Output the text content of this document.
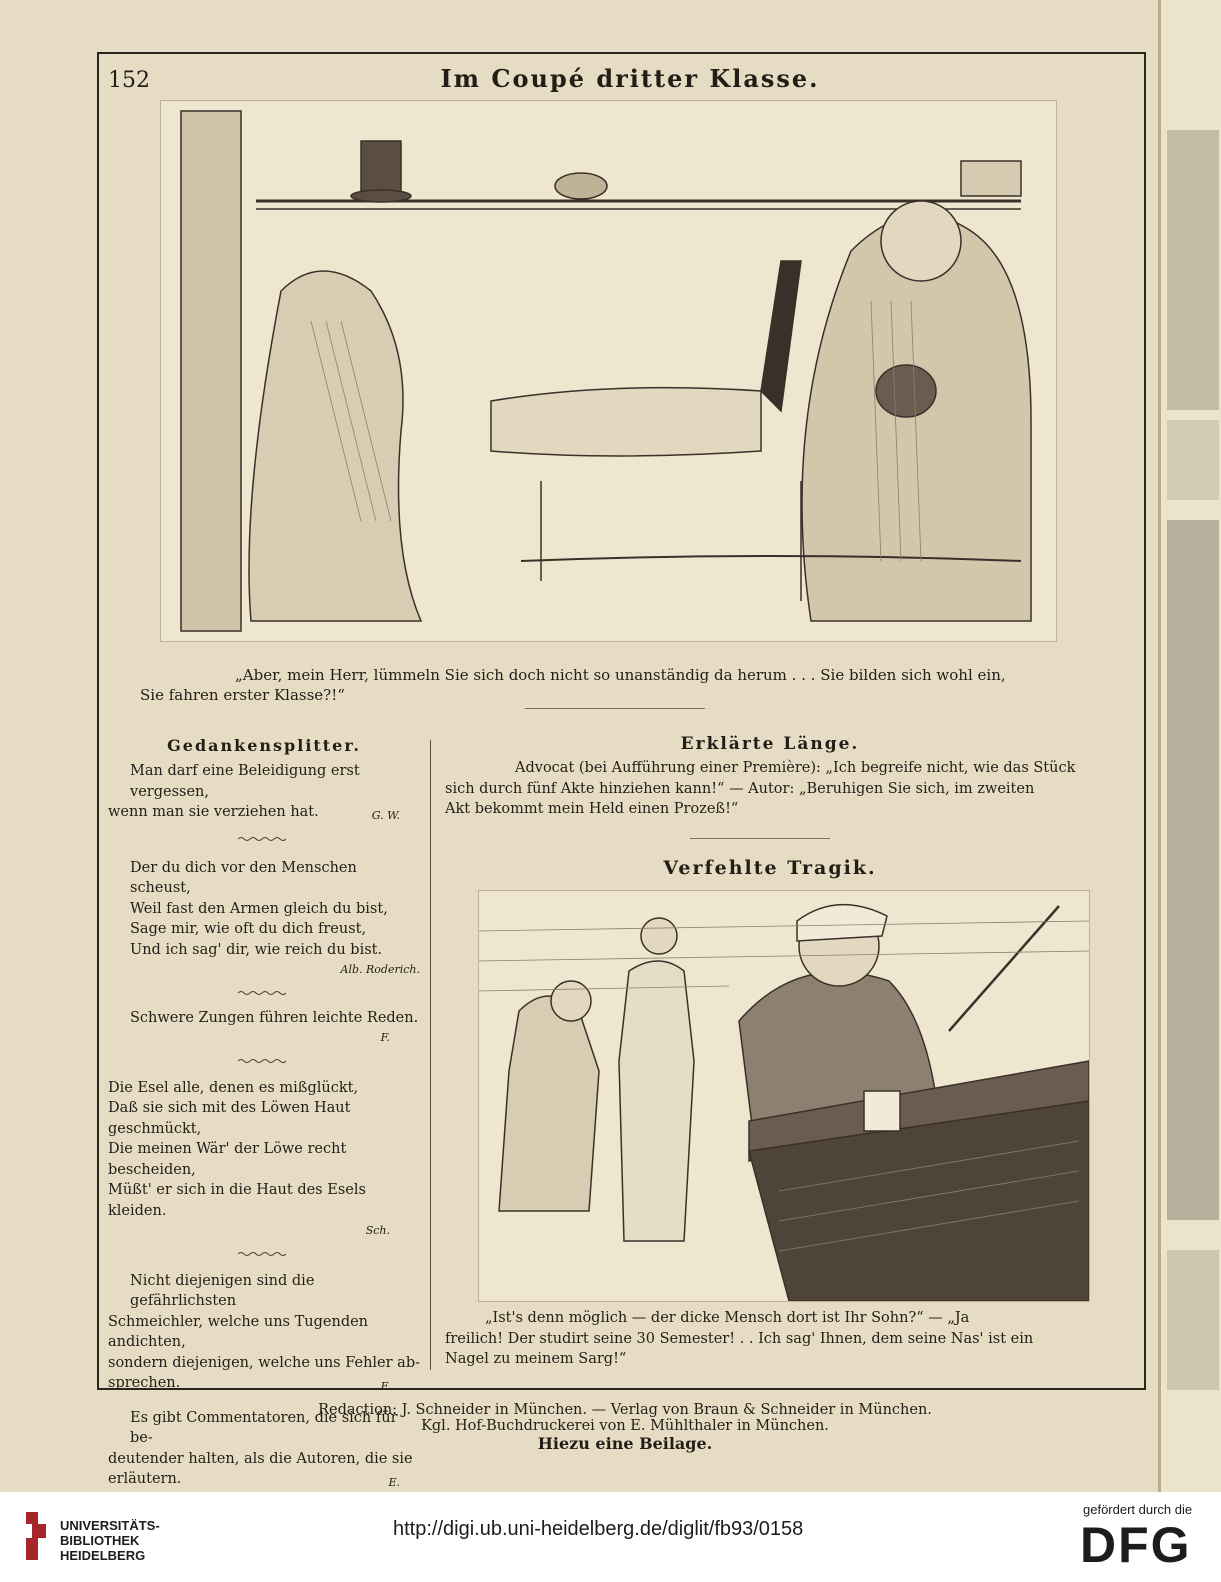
152	Im Coupé dritter Klasse.
„Aber, mein Herr, lümmeln Sie sich doch nicht so unanständig da herum . . . Sie bilden sich wohl ein,
Sie fahren erster Klasse?!“
Gedankensplitter.
Man darf eine Beleidigung erst vergessen,
wenn man sie verziehen hat.	G. W.
Der du dich vor den Menschen scheust,
Weil fast den Armen gleich du bist,
Sage mir, wie oft du dich freust,
Und ich sag' dir, wie reich du bist.
Alb. Roderich.
Schwere Zungen führen leichte Reden.
F.
Die Esel alle, denen es mißglückt,
Daß sie sich mit des Löwen Haut geschmückt,
Die meinen Wär' der Löwe recht bescheiden,
Müßt' er sich in die Haut des Esels kleiden.
Sch.
Nicht diejenigen sind die gefährlichsten
Schmeichler, welche uns Tugenden andichten,
sondern diejenigen, welche uns Fehler ab-
sprechen.	F.
Es gibt Commentatoren, die sich für be-
deutender halten, als die Autoren, die sie
erläutern.	E.
Erklärte Länge.
Advocat (bei Aufführung einer Première): „Ich begreife nicht, wie das Stück
sich durch fünf Akte hinziehen kann!“ — Autor: „Beruhigen Sie sich, im zweiten
Akt bekommt mein Held einen Prozeß!“
Verfehlte Tragik.
„Ist's denn möglich — der dicke Mensch dort ist Ihr Sohn?“ — „Ja
freilich! Der studirt seine 30 Semester! . . Ich sag' Ihnen, dem seine Nas' ist ein
Nagel zu meinem Sarg!“
Redaction: J. Schneider in München. — Verlag von Braun & Schneider in München.
Kgl. Hof-Buchdruckerei von E. Mühlthaler in München.
Hiezu eine Beilage.
UNIVERSITÄTS-
BIBLIOTHEK
HEIDELBERG
http://digi.ub.uni-heidelberg.de/diglit/fb93/0158
gefördert durch die
DFG
